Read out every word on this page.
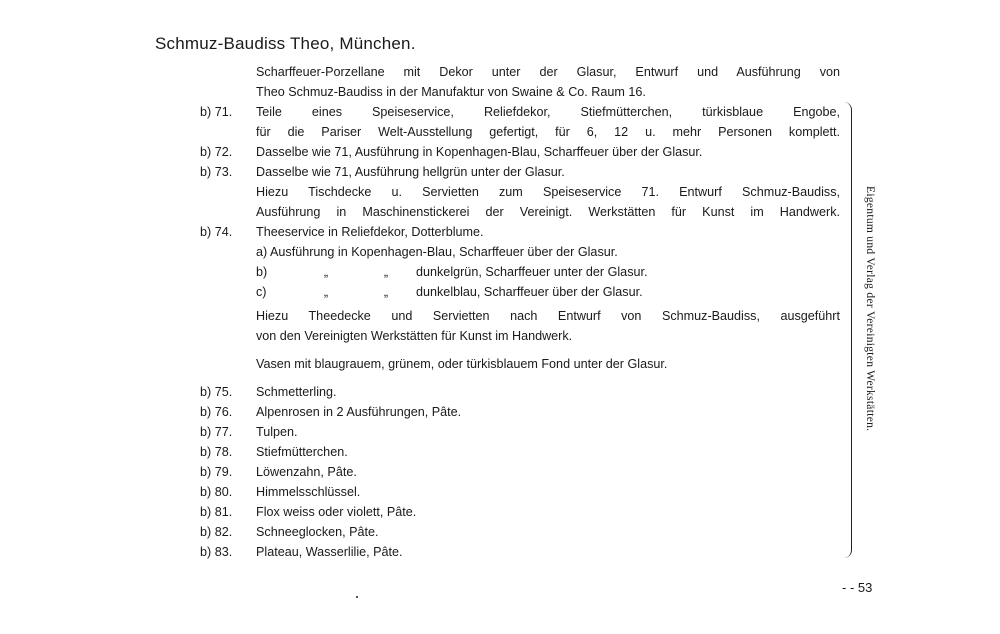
Schmuz-Baudiss Theo, München.
Scharffeuer-Porzellane mit Dekor unter der Glasur, Entwurf und Ausführung von
Theo Schmuz-Baudiss in der Manufaktur von Swaine & Co. Raum 16.
b) 71.	Teile eines Speiseservice, Reliefdekor, Stiefmütterchen, türkisblaue Engobe,
für die Pariser Welt-Ausstellung gefertigt, für 6, 12 u. mehr Personen komplett.
b) 72.	Dasselbe wie 71, Ausführung in Kopenhagen-Blau, Scharffeuer über der Glasur.
b) 73.	Dasselbe wie 71, Ausführung hellgrün unter der Glasur.
Hiezu Tischdecke u. Servietten zum Speiseservice 71. Entwurf Schmuz-Baudiss,
Ausführung in Maschinenstickerei der Vereinigt. Werkstätten für Kunst im Handwerk.
b) 74.	Theeservice in Reliefdekor, Dotterblume.
a) Ausführung in Kopenhagen-Blau, Scharffeuer über der Glasur.
b)	„	„	dunkelgrün, Scharffeuer unter der Glasur.
c)	„	„	dunkelblau, Scharffeuer über der Glasur.
Hiezu Theedecke und Servietten nach Entwurf von Schmuz-Baudiss, ausgeführt
von den Vereinigten Werkstätten für Kunst im Handwerk.
Vasen mit blaugrauem, grünem, oder türkisblauem Fond unter der Glasur.
b) 75.	Schmetterling.
b) 76.	Alpenrosen in 2 Ausführungen, Pâte.
b) 77.	Tulpen.
b) 78.	Stiefmütterchen.
b) 79.	Löwenzahn, Pâte.
b) 80.	Himmelsschlüssel.
b) 81.	Flox weiss oder violett, Pâte.
b) 82.	Schneeglocken, Pâte.
b) 83.	Plateau, Wasserlilie, Pâte.
Eigentum und Verlag der Vereinigten Werkstätten.
- - 53
